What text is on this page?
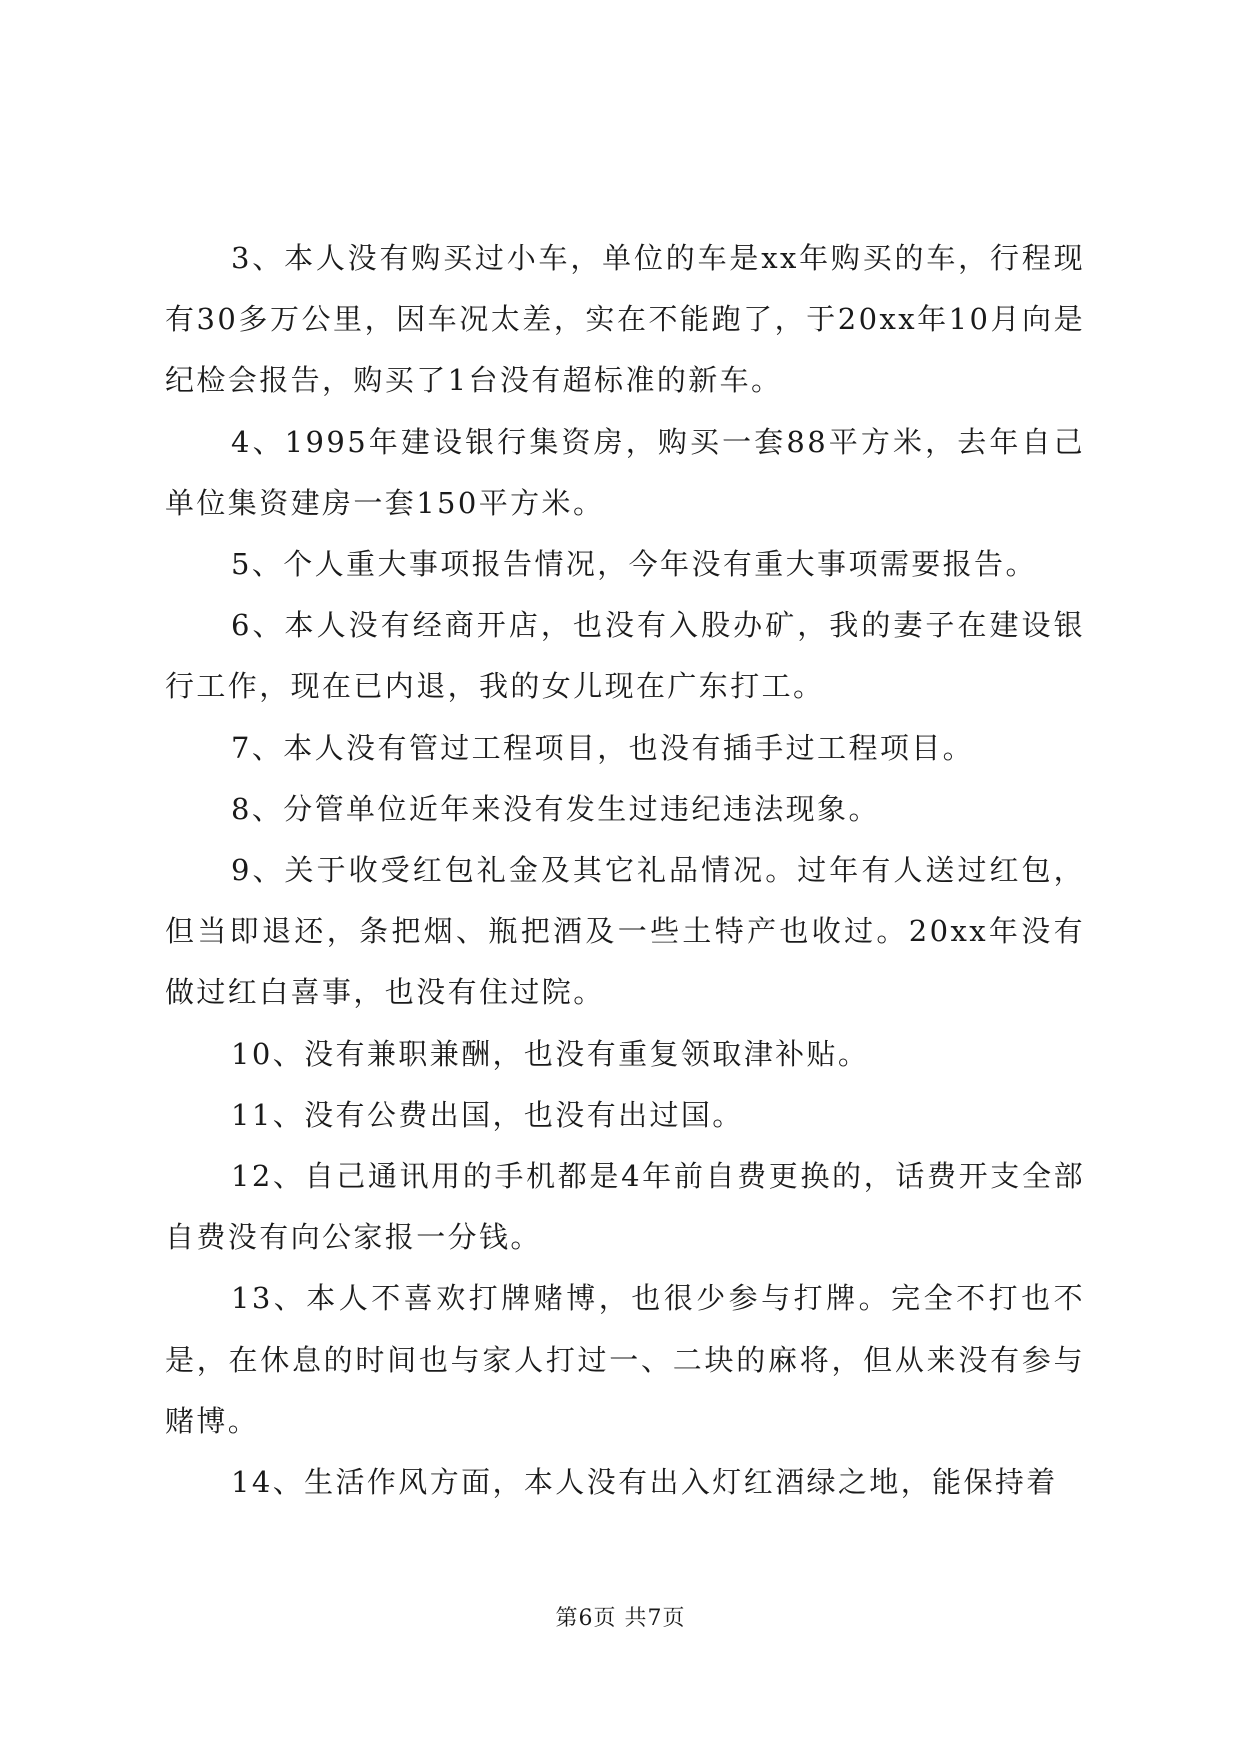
3、本人没有购买过小车，单位的车是xx年购买的车，行程现有30多万公里，因车况太差，实在不能跑了，于20xx年10月向是纪检会报告，购买了1台没有超标准的新车。

4、1995年建设银行集资房，购买一套88平方米，去年自己单位集资建房一套150平方米。

5、个人重大事项报告情况，今年没有重大事项需要报告。

6、本人没有经商开店，也没有入股办矿，我的妻子在建设银行工作，现在已内退，我的女儿现在广东打工。

7、本人没有管过工程项目，也没有插手过工程项目。

8、分管单位近年来没有发生过违纪违法现象。

9、关于收受红包礼金及其它礼品情况。过年有人送过红包，但当即退还，条把烟、瓶把酒及一些土特产也收过。20xx年没有做过红白喜事，也没有住过院。

10、没有兼职兼酬，也没有重复领取津补贴。

11、没有公费出国，也没有出过国。

12、自己通讯用的手机都是4年前自费更换的，话费开支全部自费没有向公家报一分钱。

13、本人不喜欢打牌赌博，也很少参与打牌。完全不打也不是，在休息的时间也与家人打过一、二块的麻将，但从来没有参与赌博。

14、生活作风方面，本人没有出入灯红酒绿之地，能保持着

第6页 共7页
